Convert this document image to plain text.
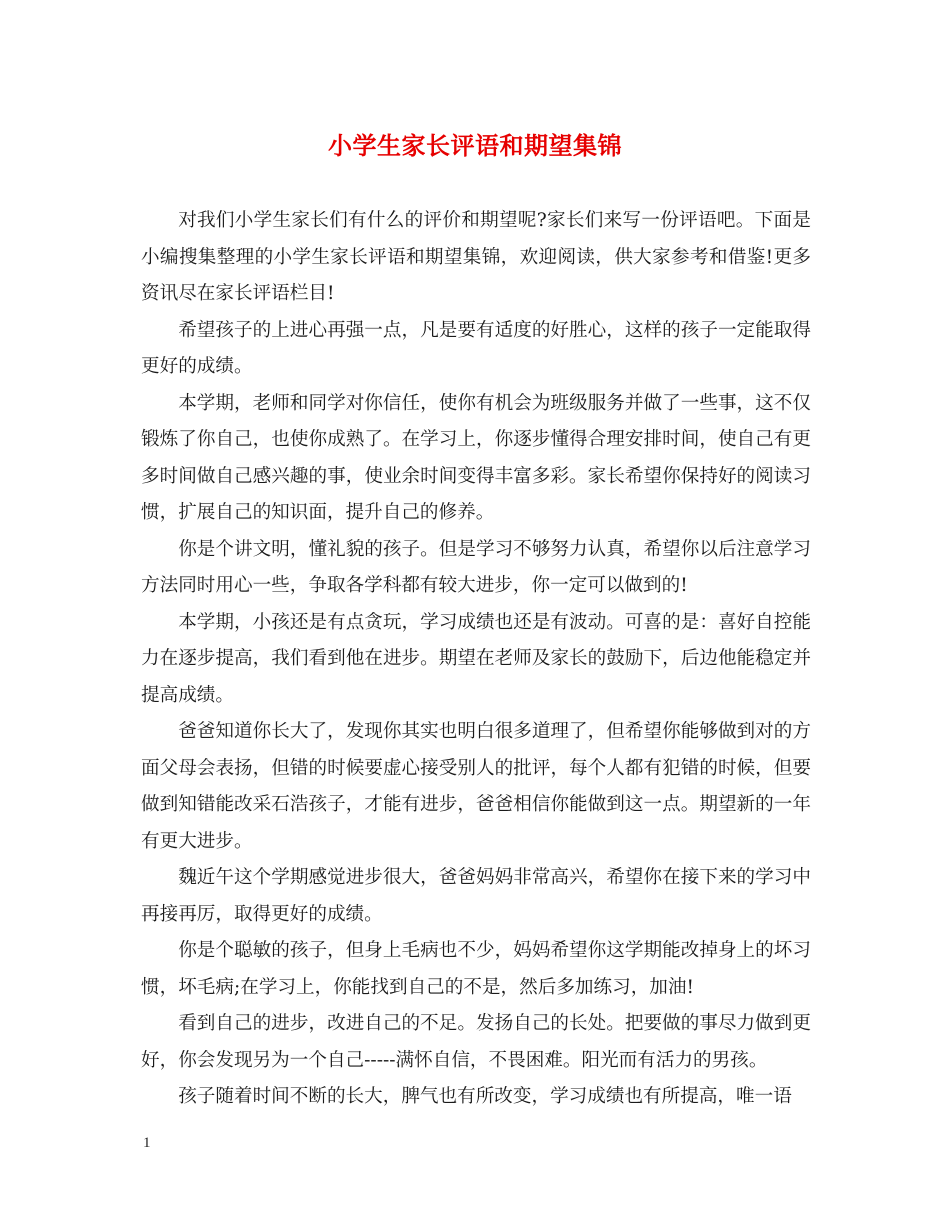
小学生家长评语和期望集锦

对我们小学生家长们有什么的评价和期望呢?家长们来写一份评语吧。下面是小编搜集整理的小学生家长评语和期望集锦，欢迎阅读，供大家参考和借鉴!更多资讯尽在家长评语栏目!

希望孩子的上进心再强一点，凡是要有适度的好胜心，这样的孩子一定能取得更好的成绩。

本学期，老师和同学对你信任，使你有机会为班级服务并做了一些事，这不仅锻炼了你自己，也使你成熟了。在学习上，你逐步懂得合理安排时间，使自己有更多时间做自己感兴趣的事，使业余时间变得丰富多彩。家长希望你保持好的阅读习惯，扩展自己的知识面，提升自己的修养。

你是个讲文明，懂礼貌的孩子。但是学习不够努力认真，希望你以后注意学习方法同时用心一些，争取各学科都有较大进步，你一定可以做到的!

本学期，小孩还是有点贪玩，学习成绩也还是有波动。可喜的是：喜好自控能力在逐步提高，我们看到他在进步。期望在老师及家长的鼓励下，后边他能稳定并提高成绩。

爸爸知道你长大了，发现你其实也明白很多道理了，但希望你能够做到对的方面父母会表扬，但错的时候要虚心接受别人的批评，每个人都有犯错的时候，但要做到知错能改采石浩孩子，才能有进步，爸爸相信你能做到这一点。期望新的一年有更大进步。

魏近午这个学期感觉进步很大，爸爸妈妈非常高兴，希望你在接下来的学习中再接再厉，取得更好的成绩。

你是个聪敏的孩子，但身上毛病也不少，妈妈希望你这学期能改掉身上的坏习惯，坏毛病;在学习上，你能找到自己的不是，然后多加练习，加油!

看到自己的进步，改进自己的不足。发扬自己的长处。把要做的事尽力做到更好，你会发现另为一个自己-----满怀自信，不畏困难。阳光而有活力的男孩。

孩子随着时间不断的长大，脾气也有所改变，学习成绩也有所提高，唯一语

1
